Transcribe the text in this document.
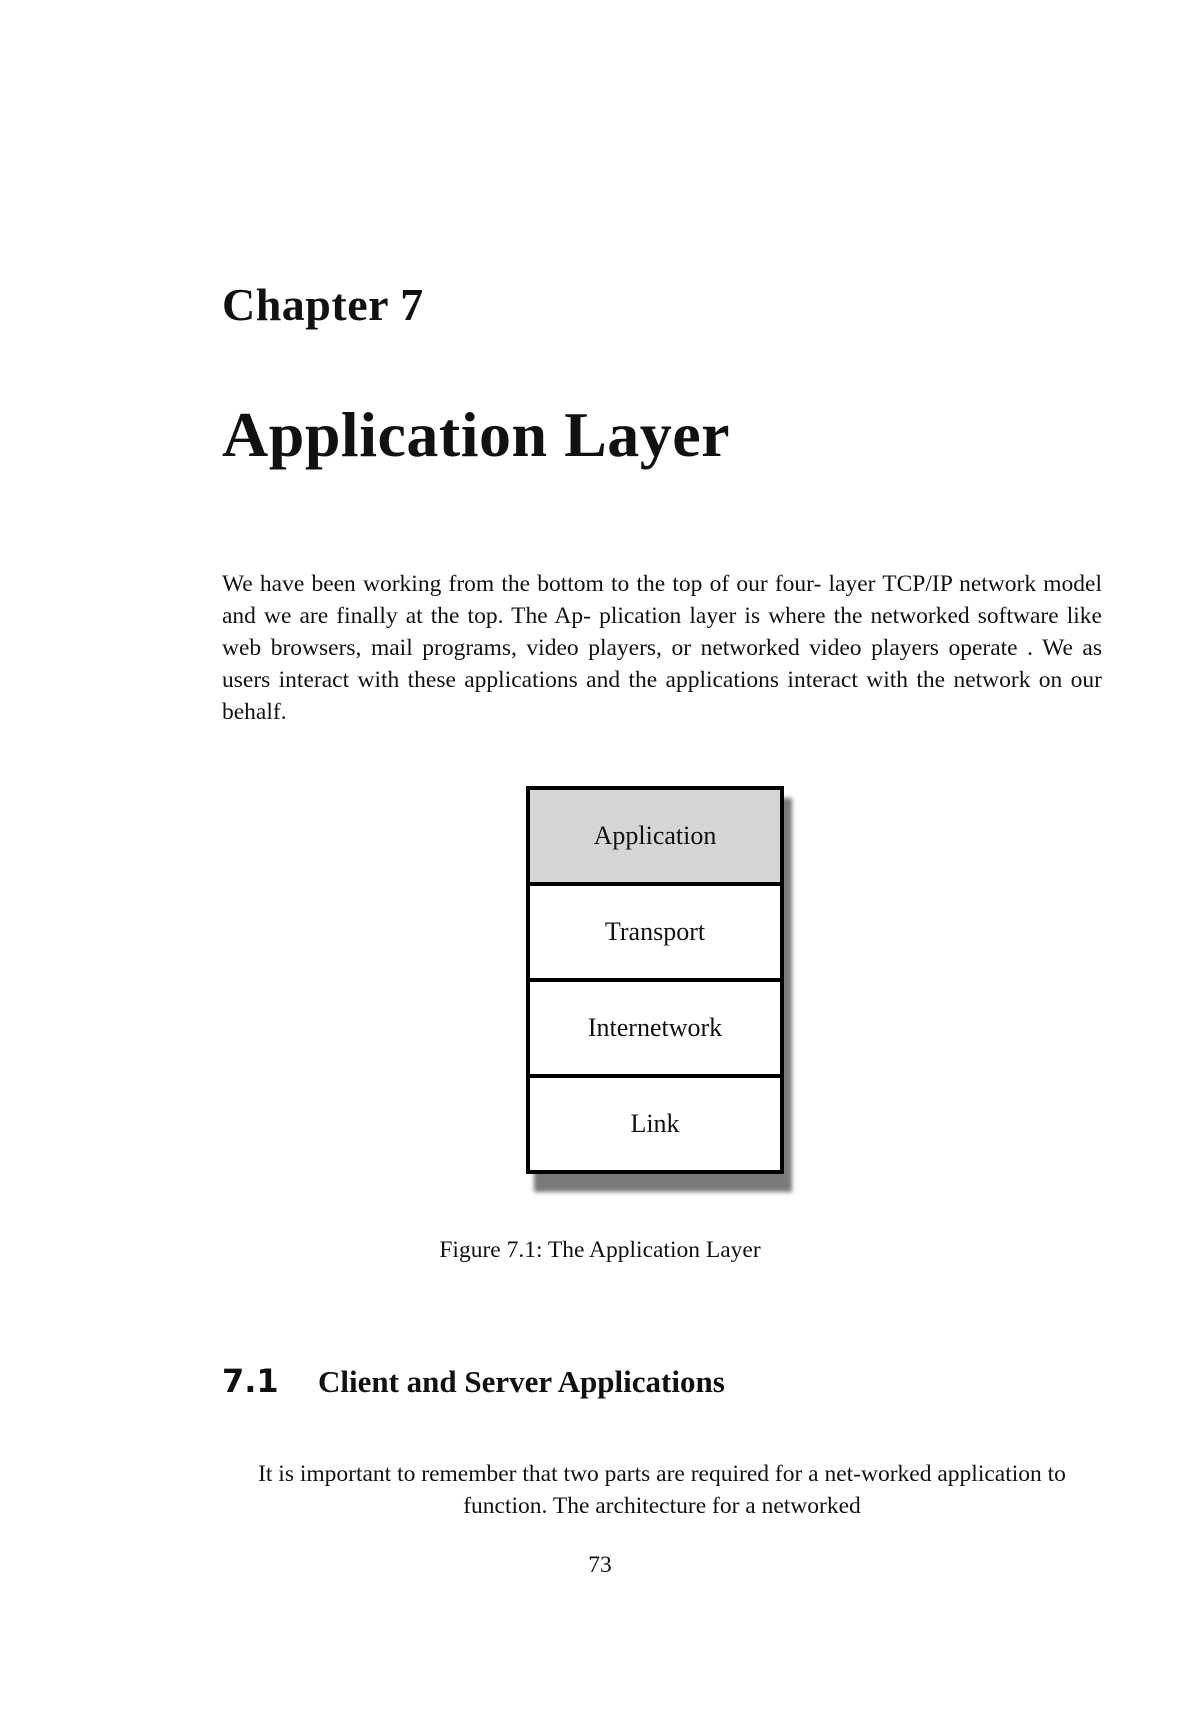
Chapter 7
Application Layer

We have been working from the bottom to the top of our four- layer TCP/IP network model and we are finally at the top. The Ap- plication layer is where the networked software like web browsers, mail programs, video players, or networked video players operate . We as users interact with these applications and the applications interact with the network on our behalf.

Application
Transport
Internetwork
Link

Figure 7.1: The Application Layer

7.1 Client and Server Applications

It is important to remember that two parts are required for a net-worked application to function. The architecture for a networked

73
